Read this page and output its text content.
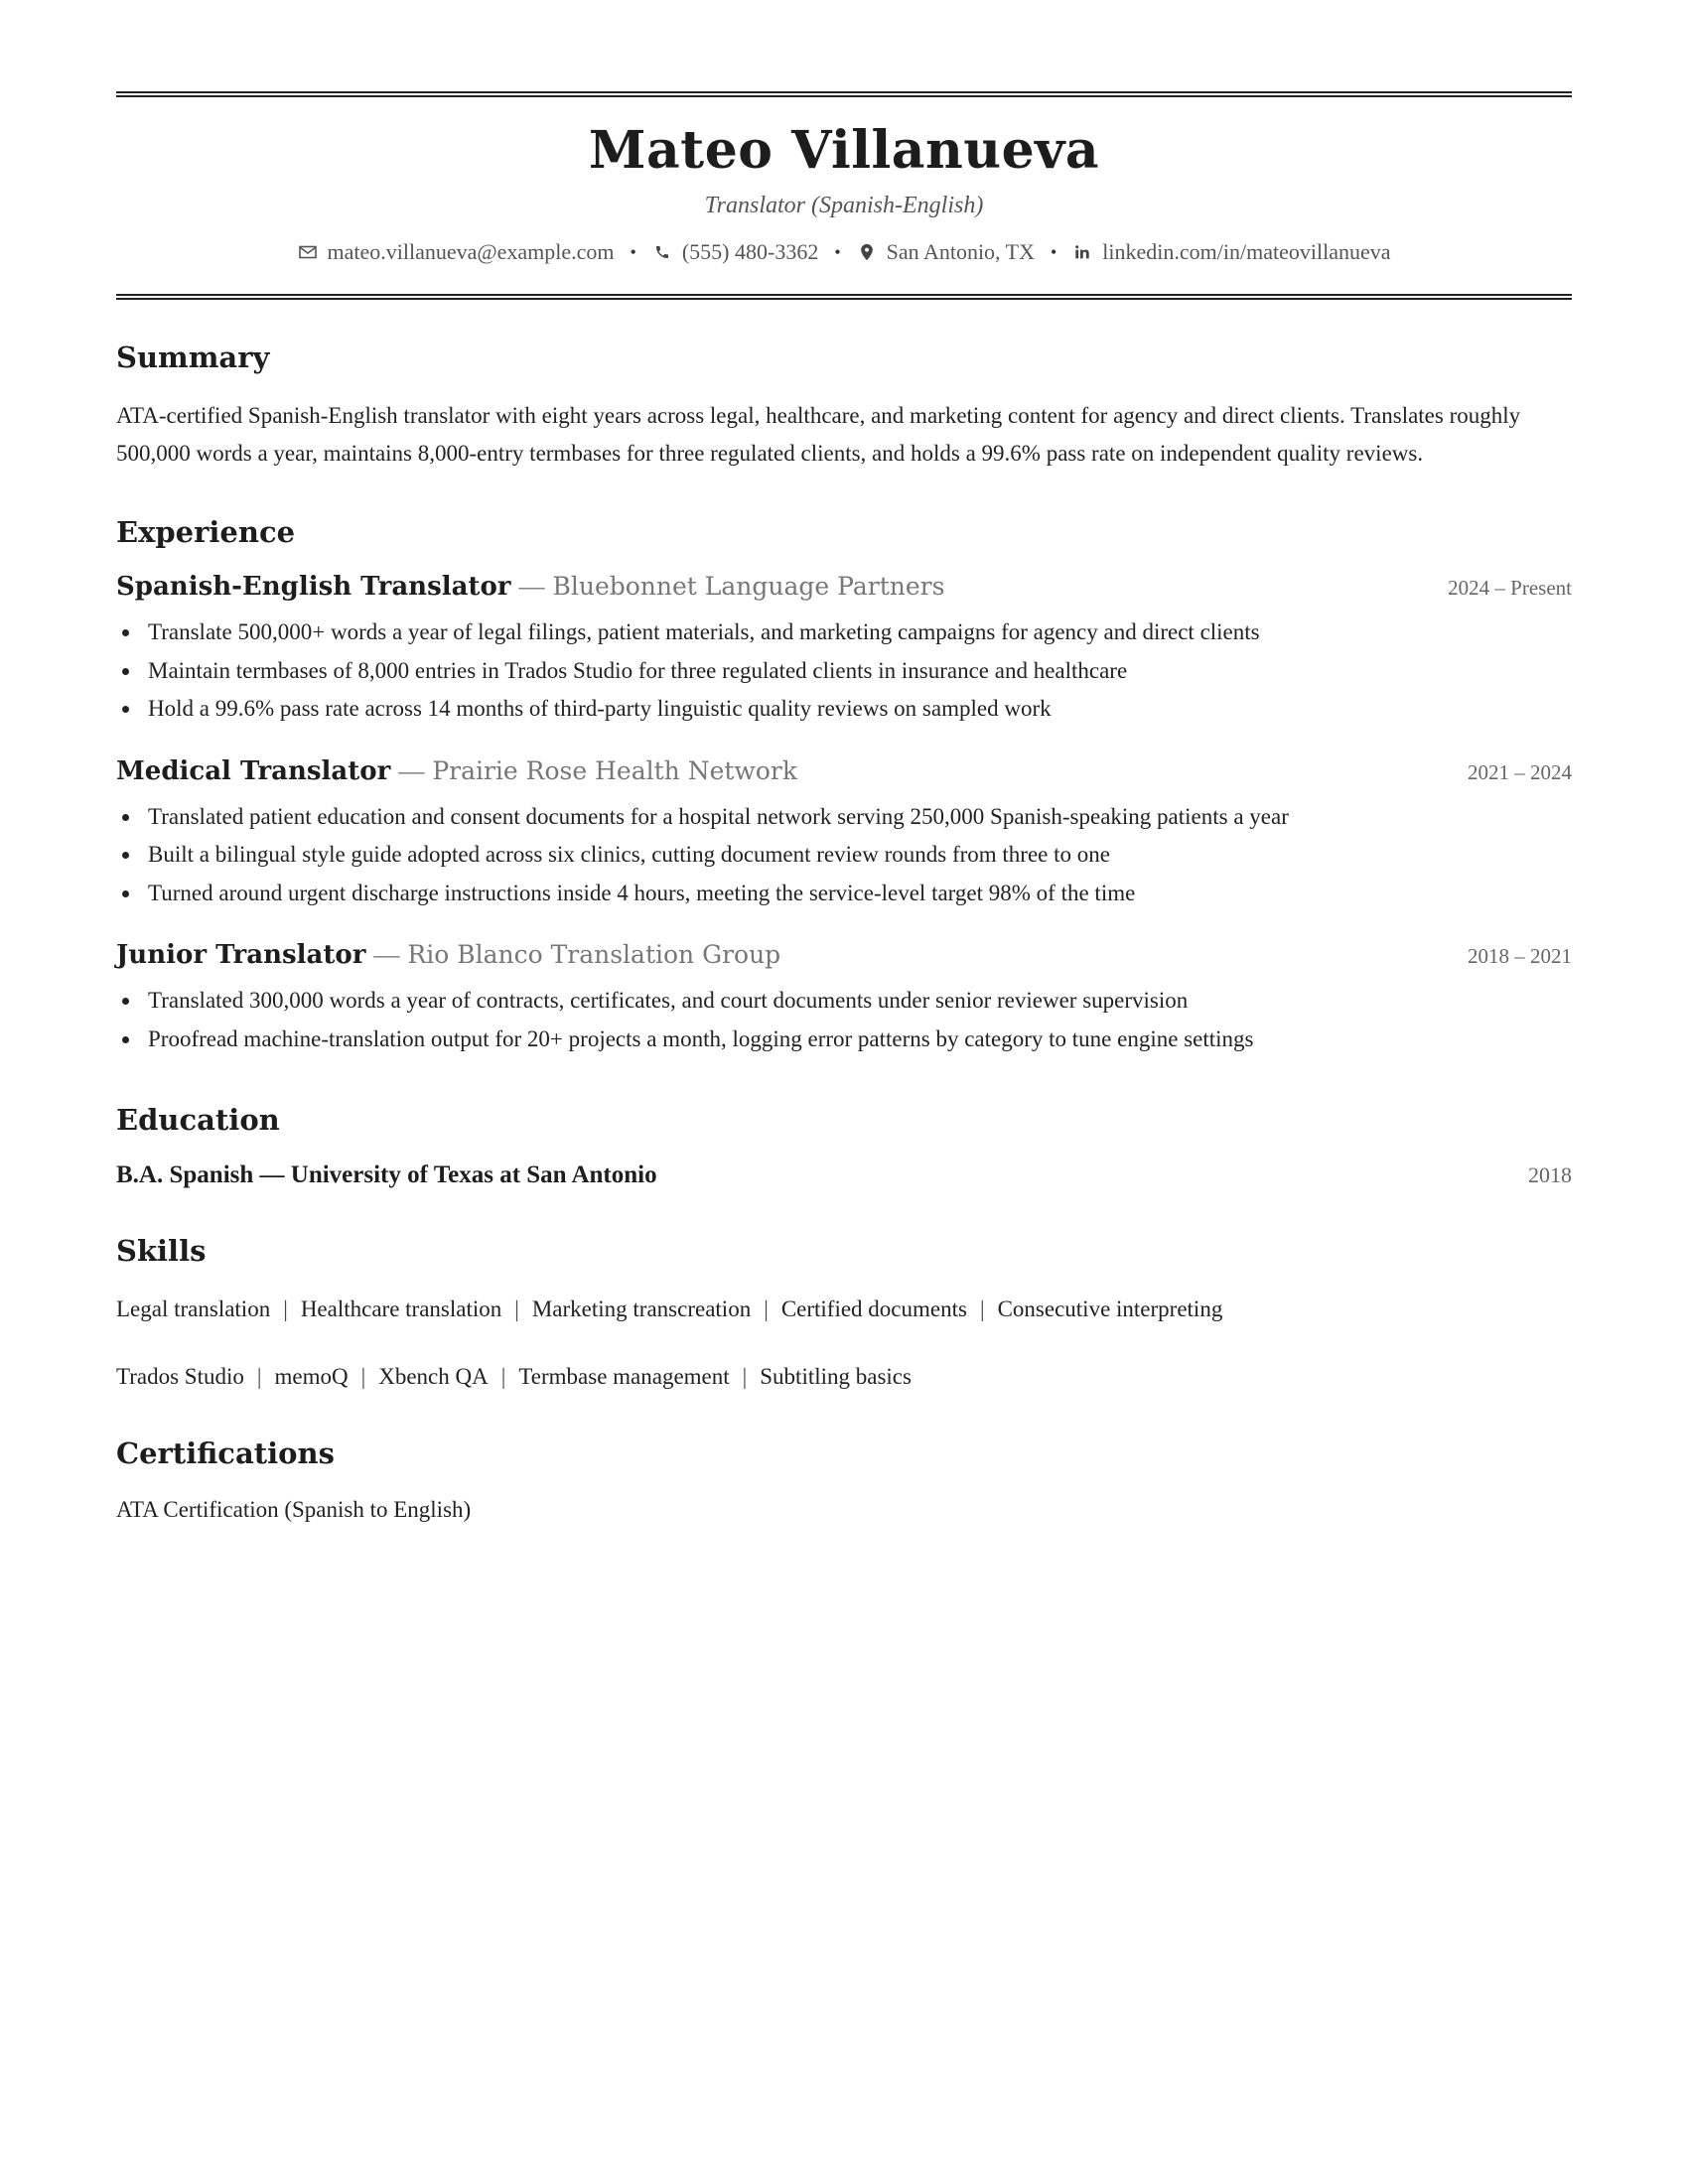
Mateo Villanueva
Translator (Spanish-English)
mateo.villanueva@example.com • (555) 480-3362 • San Antonio, TX • linkedin.com/in/mateovillanueva
Summary
ATA-certified Spanish-English translator with eight years across legal, healthcare, and marketing content for agency and direct clients. Translates roughly 500,000 words a year, maintains 8,000-entry termbases for three regulated clients, and holds a 99.6% pass rate on independent quality reviews.
Experience
Spanish-English Translator — Bluebonnet Language Partners	2024 – Present
Translate 500,000+ words a year of legal filings, patient materials, and marketing campaigns for agency and direct clients
Maintain termbases of 8,000 entries in Trados Studio for three regulated clients in insurance and healthcare
Hold a 99.6% pass rate across 14 months of third-party linguistic quality reviews on sampled work
Medical Translator — Prairie Rose Health Network	2021 – 2024
Translated patient education and consent documents for a hospital network serving 250,000 Spanish-speaking patients a year
Built a bilingual style guide adopted across six clinics, cutting document review rounds from three to one
Turned around urgent discharge instructions inside 4 hours, meeting the service-level target 98% of the time
Junior Translator — Rio Blanco Translation Group	2018 – 2021
Translated 300,000 words a year of contracts, certificates, and court documents under senior reviewer supervision
Proofread machine-translation output for 20+ projects a month, logging error patterns by category to tune engine settings
Education
B.A. Spanish — University of Texas at San Antonio	2018
Skills
Legal translation | Healthcare translation | Marketing transcreation | Certified documents | Consecutive interpreting
Trados Studio | memoQ | Xbench QA | Termbase management | Subtitling basics
Certifications
ATA Certification (Spanish to English)
